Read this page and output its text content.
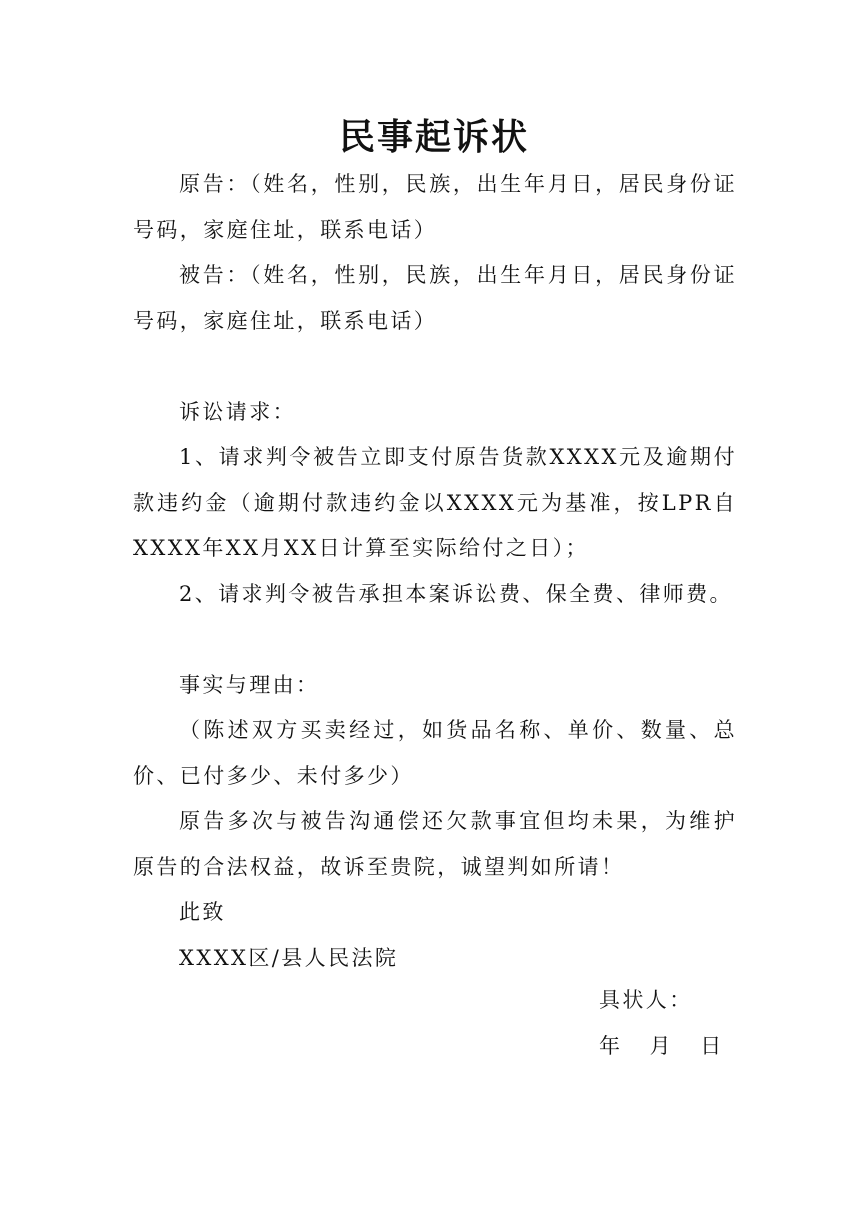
民事起诉状

原告：（姓名，性别，民族，出生年月日，居民身份证号码，家庭住址，联系电话）

被告：（姓名，性别，民族，出生年月日，居民身份证号码，家庭住址，联系电话）

诉讼请求：

1、请求判令被告立即支付原告货款XXXX元及逾期付款违约金（逾期付款违约金以XXXX元为基准，按LPR自XXXX年XX月XX日计算至实际给付之日）；

2、请求判令被告承担本案诉讼费、保全费、律师费。

事实与理由：

（陈述双方买卖经过，如货品名称、单价、数量、总价、已付多少、未付多少）

原告多次与被告沟通偿还欠款事宜但均未果，为维护原告的合法权益，故诉至贵院，诚望判如所请！

此致

XXXX区/县人民法院

具状人：
年   月   日
